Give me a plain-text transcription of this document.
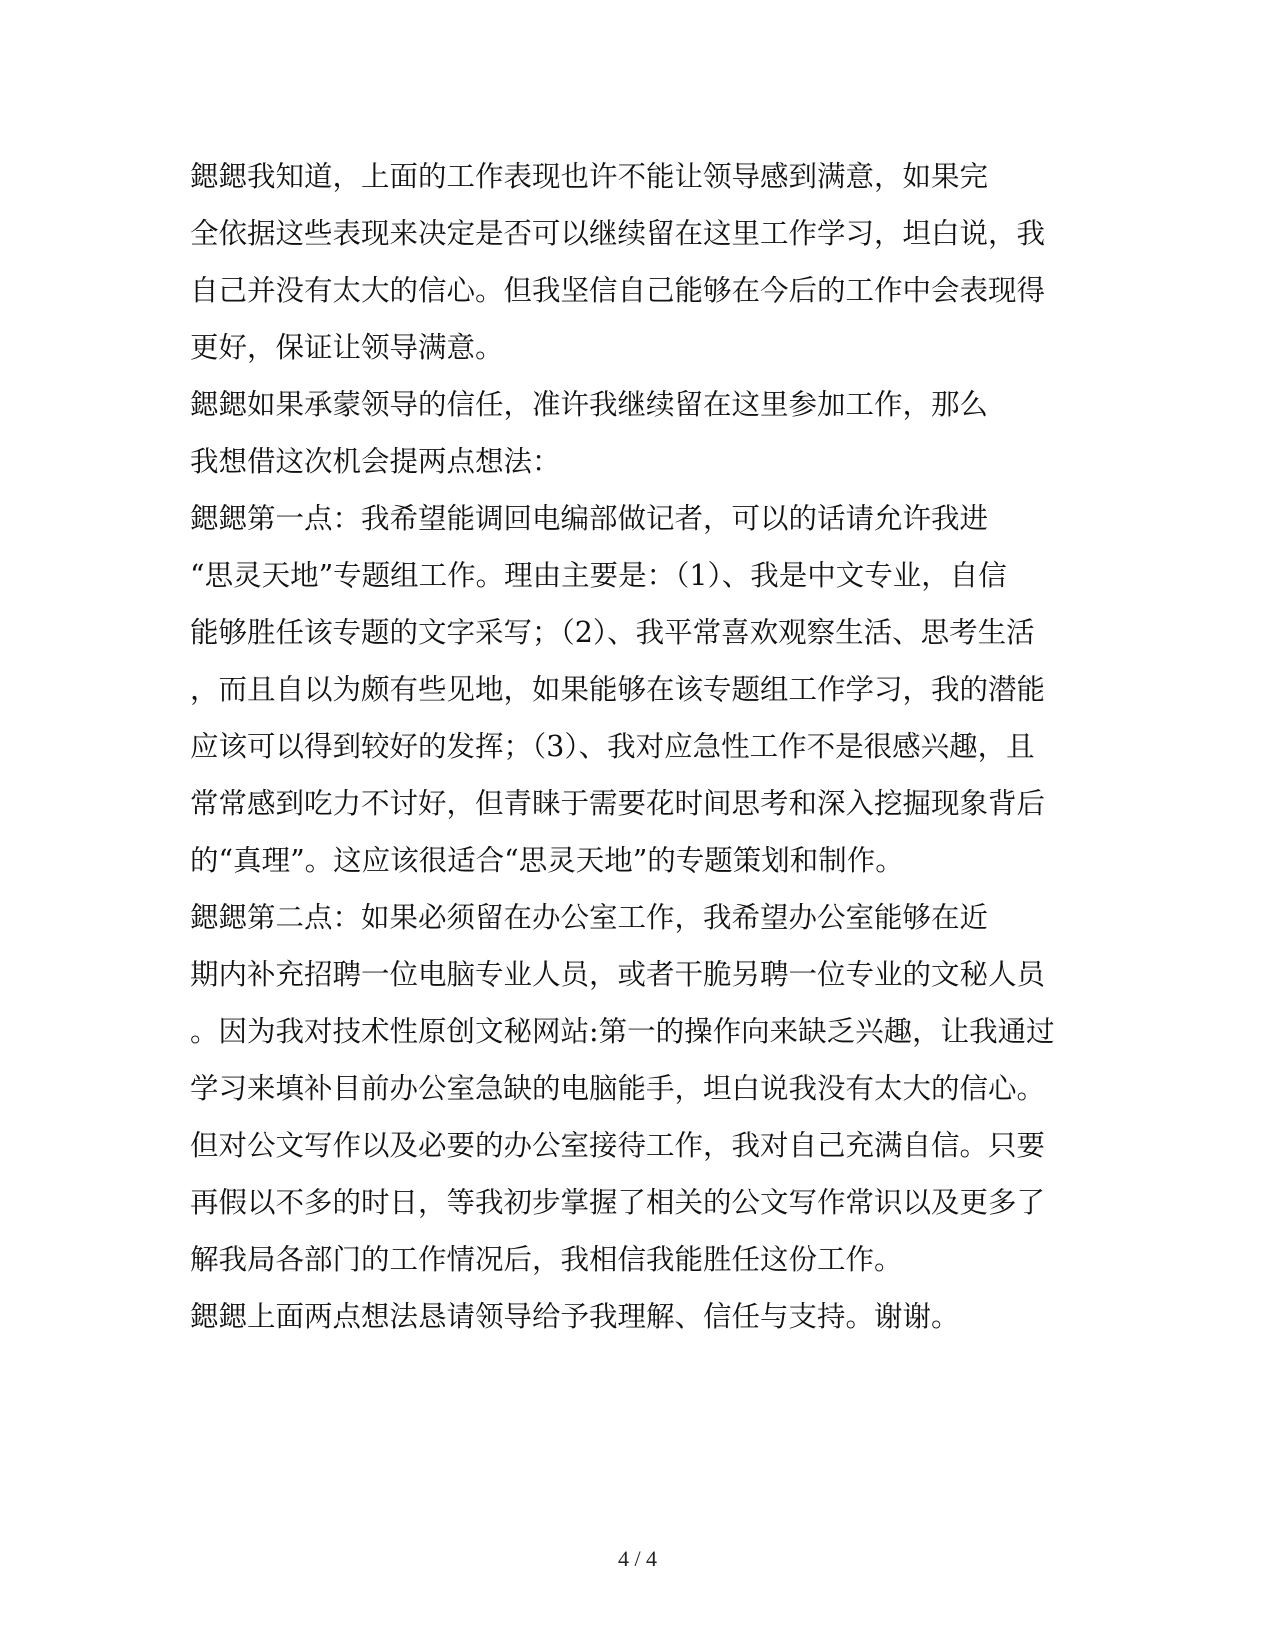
鍶鍶我知道，上面的工作表现也许不能让领导感到满意，如果完
全依据这些表现来决定是否可以继续留在这里工作学习，坦白说，我
自己并没有太大的信心。但我坚信自己能够在今后的工作中会表现得
更好，保证让领导满意。

鍶鍶如果承蒙领导的信任，准许我继续留在这里参加工作，那么
我想借这次机会提两点想法：

鍶鍶第一点：我希望能调回电编部做记者，可以的话请允许我进
“思灵天地”专题组工作。理由主要是：（1）、我是中文专业，自信
能够胜任该专题的文字采写；（2）、我平常喜欢观察生活、思考生活
，而且自以为颇有些见地，如果能够在该专题组工作学习，我的潜能
应该可以得到较好的发挥；（3）、我对应急性工作不是很感兴趣，且
常常感到吃力不讨好，但青睐于需要花时间思考和深入挖掘现象背后
的“真理”。这应该很适合“思灵天地”的专题策划和制作。

鍶鍶第二点：如果必须留在办公室工作，我希望办公室能够在近
期内补充招聘一位电脑专业人员，或者干脆另聘一位专业的文秘人员
。因为我对技术性原创文秘网站:第一的操作向来缺乏兴趣，让我通过
学习来填补目前办公室急缺的电脑能手，坦白说我没有太大的信心。
但对公文写作以及必要的办公室接待工作，我对自己充满自信。只要
再假以不多的时日，等我初步掌握了相关的公文写作常识以及更多了
解我局各部门的工作情况后，我相信我能胜任这份工作。

鍶鍶上面两点想法恳请领导给予我理解、信任与支持。谢谢。

4 / 4
